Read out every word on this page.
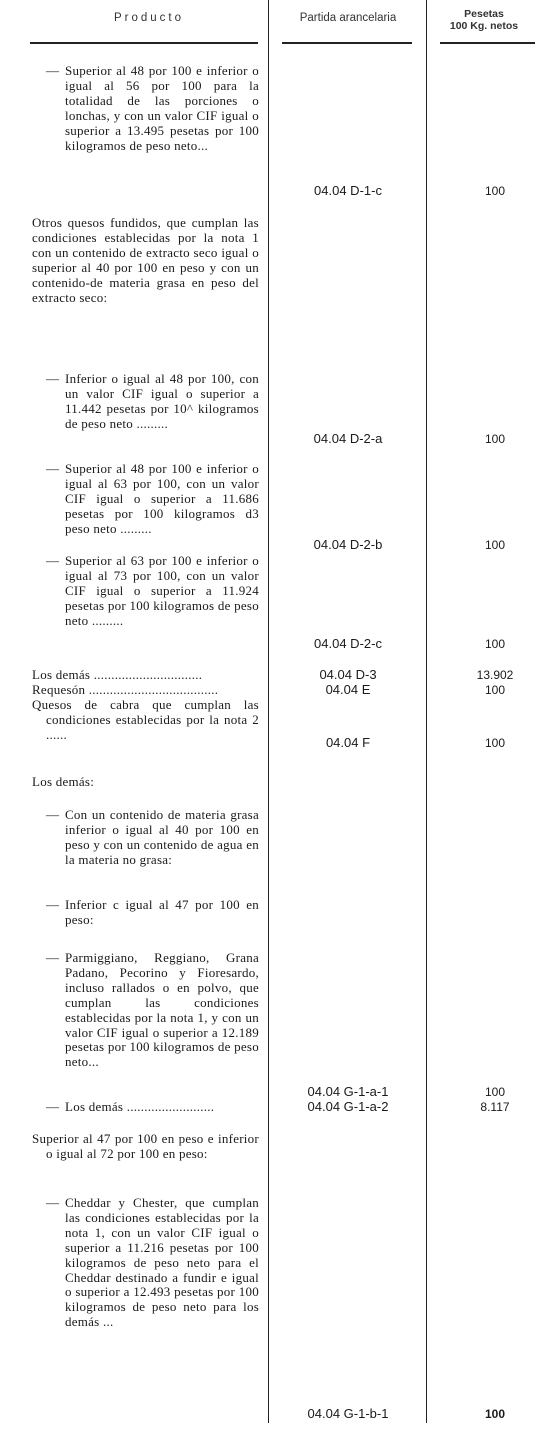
Producto	Partida arancelaria	Pesetas
100 Kg. netos
— Superior al 48 por 100 e inferior o igual al 56 por 100 para la totalidad de las porciones o lonchas, y con un valor CIF igual o superior a 13.495 pesetas por 100 kilogramos de peso neto...
04.04 D-1-c	100
Otros quesos fundidos, que cumplan las condiciones establecidas por la nota 1 con un contenido de extracto seco igual o superior al 40 por 100 en peso y con un contenido-de materia grasa en peso del extracto seco:
— Inferior o igual al 48 por 100, con un valor CIF igual o superior a 11.442 pesetas por 10^ kilogramos de peso neto .........
04.04 D-2-a	100
— Superior al 48 por 100 e inferior o igual al 63 por 100, con un valor CIF igual o superior a 11.686 pesetas por 100 kilogramos d3 peso neto .........
04.04 D-2-b	100
— Superior al 63 por 100 e inferior o igual al 73 por 100, con un valor CIF igual o superior a 11.924 pesetas por 100 kilogramos de peso neto .........
04.04 D-2-c	100
Los demás ...............................	04.04 D-3	13.902
Requesón .....................................	04.04 E	100
Quesos de cabra que cumplan las condiciones establecidas por la nota 2 ......
04.04 F	100
Los demás:
— Con un contenido de materia grasa inferior o igual al 40 por 100 en peso y con un contenido de agua en la materia no grasa:
— Inferior c igual al 47 por 100 en peso:
— Parmiggiano, Reggiano, Grana Padano, Pecorino y Fioresardo, incluso rallados o en polvo, que cumplan las condiciones establecidas por la nota 1, y con un valor CIF igual o superior a 12.189 pesetas por 100 kilogramos de peso neto...
04.04 G-1-a-1	100
— Los demás .........................	04.04 G-1-a-2	8.117
Superior al 47 por 100 en peso e inferior o igual al 72 por 100 en peso:
— Cheddar y Chester, que cumplan las condiciones establecidas por la nota 1, con un valor CIF igual o superior a 11.216 pesetas por 100 kilogramos de peso neto para el Cheddar destinado a fundir e igual o superior a 12.493 pesetas por 100 kilogramos de peso neto para los demás ...
04.04 G-1-b-1	100
